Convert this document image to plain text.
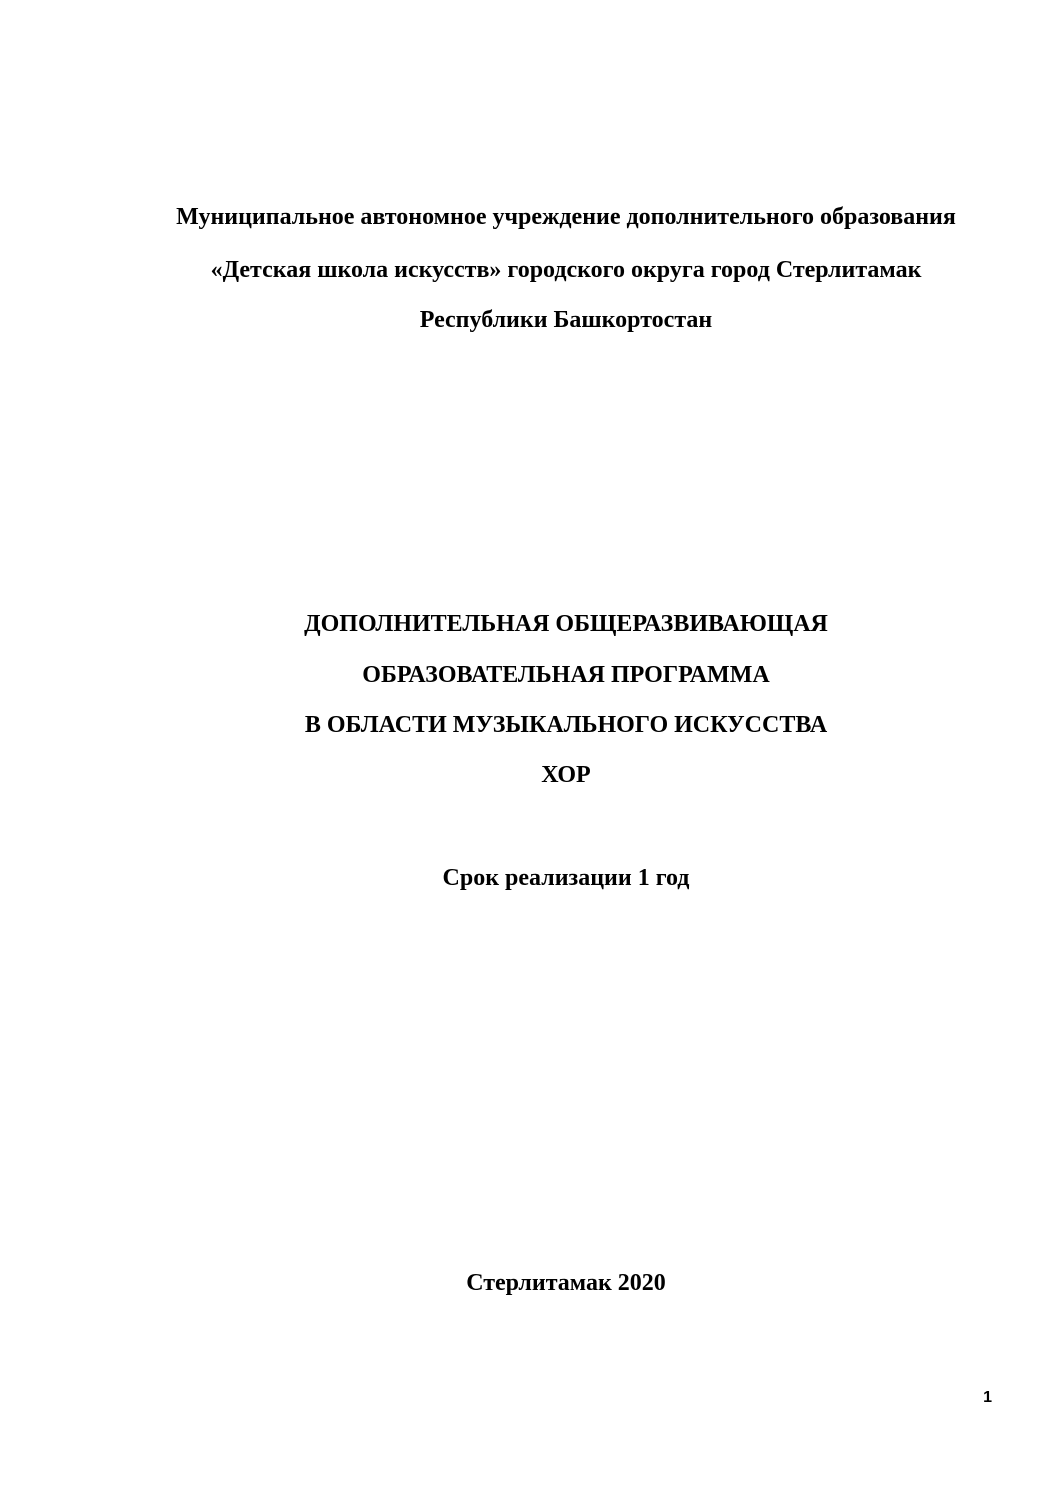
Муниципальное автономное учреждение дополнительного образования
«Детская школа искусств» городского округа город Стерлитамак
Республики Башкортостан
ДОПОЛНИТЕЛЬНАЯ ОБЩЕРАЗВИВАЮЩАЯ
ОБРАЗОВАТЕЛЬНАЯ ПРОГРАММА
В ОБЛАСТИ МУЗЫКАЛЬНОГО ИСКУССТВА
ХОР
Срок реализации 1 год
Стерлитамак 2020
1
